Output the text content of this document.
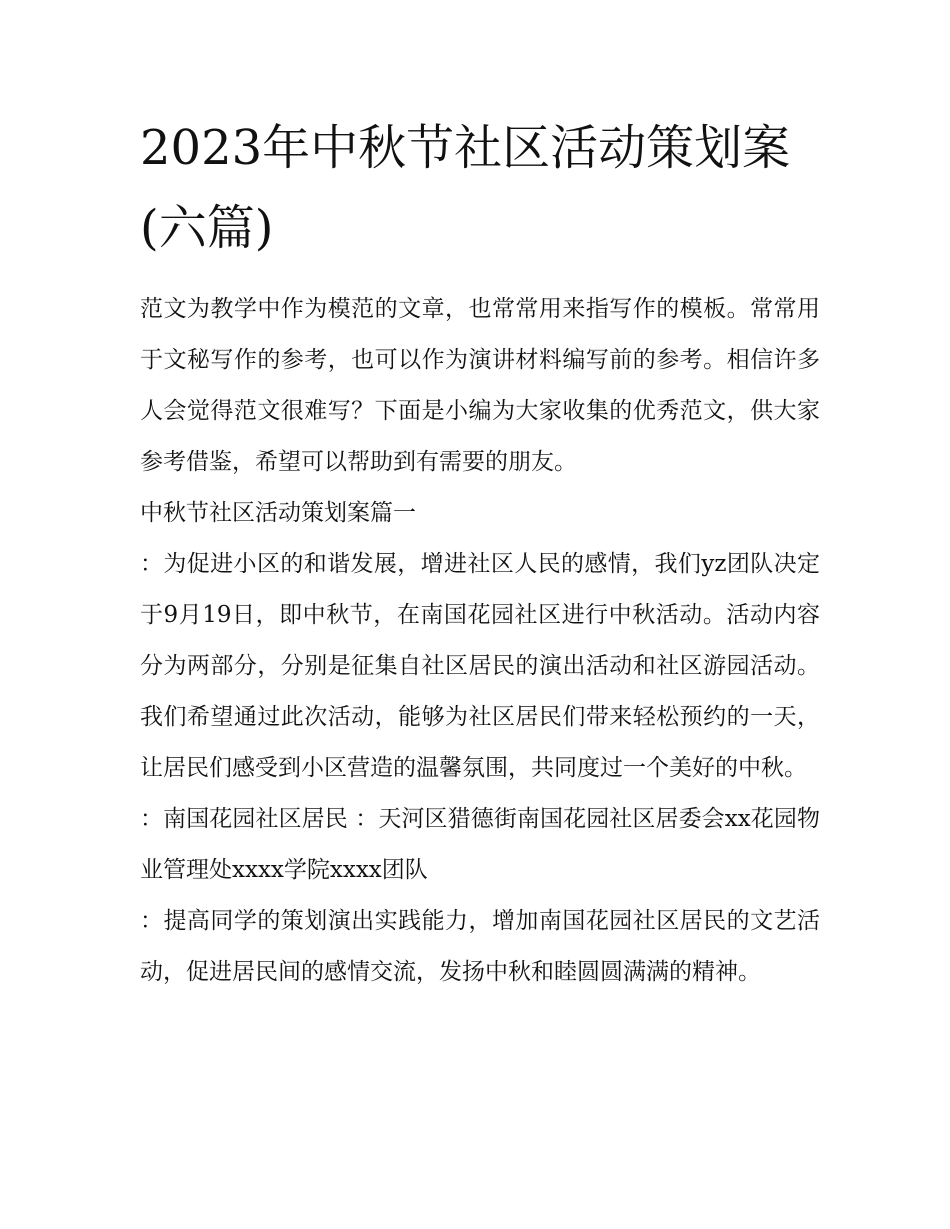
2023年中秋节社区活动策划案
(六篇)

范文为教学中作为模范的文章，也常常用来指写作的模板。常常用于文秘写作的参考，也可以作为演讲材料编写前的参考。相信许多人会觉得范文很难写？下面是小编为大家收集的优秀范文，供大家参考借鉴，希望可以帮助到有需要的朋友。

中秋节社区活动策划案篇一

：为促进小区的和谐发展，增进社区人民的感情，我们yz团队决定于9月19日，即中秋节，在南国花园社区进行中秋活动。活动内容分为两部分，分别是征集自社区居民的演出活动和社区游园活动。我们希望通过此次活动，能够为社区居民们带来轻松预约的一天，让居民们感受到小区营造的温馨氛围，共同度过一个美好的中秋。

：南国花园社区居民 ：天河区猎德街南国花园社区居委会xx花园物业管理处xxxx学院xxxx团队

：提高同学的策划演出实践能力，增加南国花园社区居民的文艺活动，促进居民间的感情交流，发扬中秋和睦圆圆满满的精神。
